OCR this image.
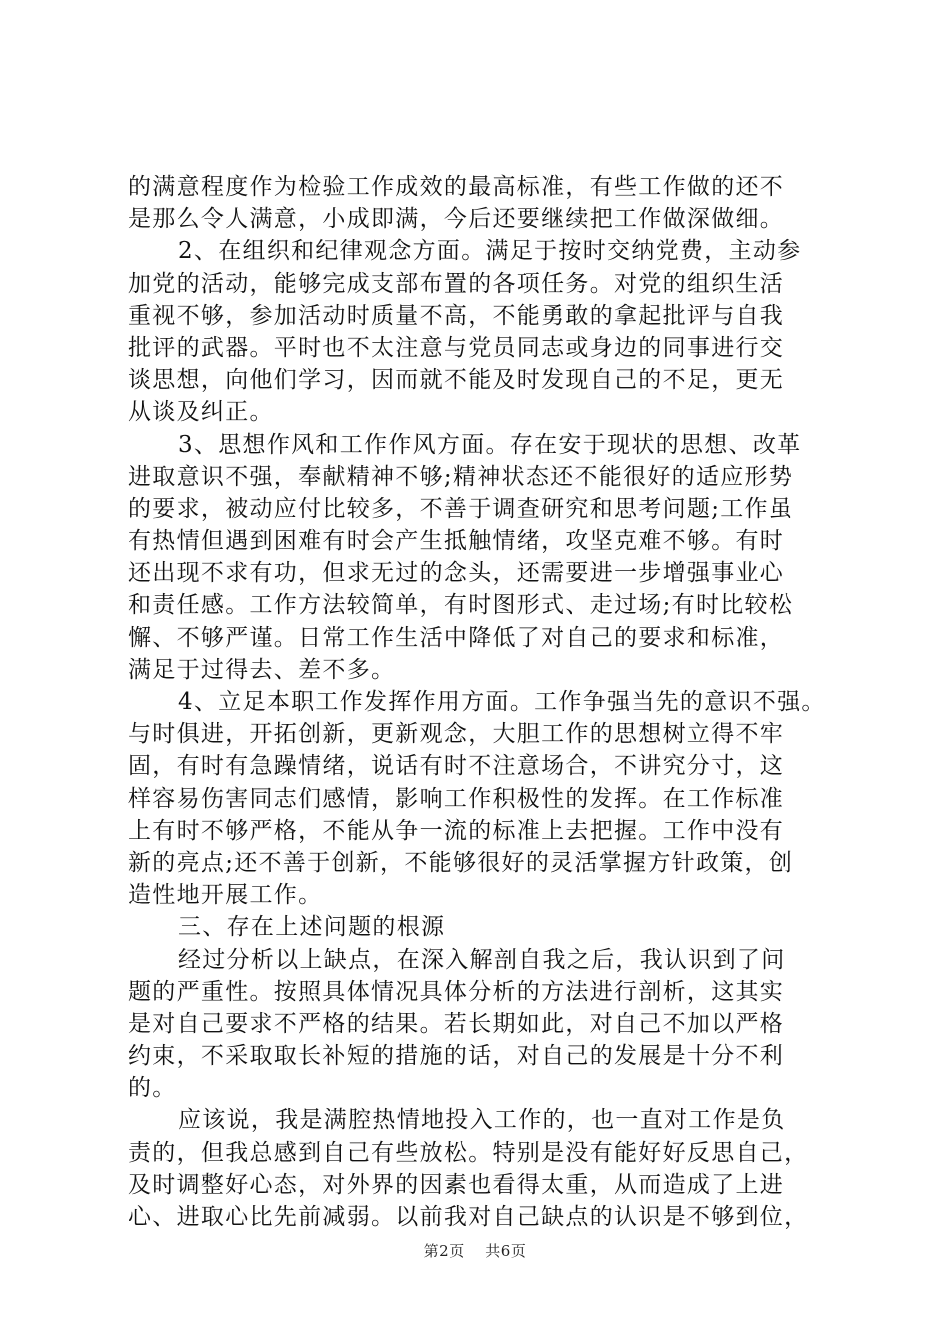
的满意程度作为检验工作成效的最高标准，有些工作做的还不
是那么令人满意，小成即满，今后还要继续把工作做深做细。
2、在组织和纪律观念方面。满足于按时交纳党费，主动参
加党的活动，能够完成支部布置的各项任务。对党的组织生活
重视不够，参加活动时质量不高，不能勇敢的拿起批评与自我
批评的武器。平时也不太注意与党员同志或身边的同事进行交
谈思想，向他们学习，因而就不能及时发现自己的不足，更无
从谈及纠正。
3、思想作风和工作作风方面。存在安于现状的思想、改革
进取意识不强，奉献精神不够;精神状态还不能很好的适应形势
的要求，被动应付比较多，不善于调查研究和思考问题;工作虽
有热情但遇到困难有时会产生抵触情绪，攻坚克难不够。有时
还出现不求有功，但求无过的念头，还需要进一步增强事业心
和责任感。工作方法较简单，有时图形式、走过场;有时比较松
懈、不够严谨。日常工作生活中降低了对自己的要求和标准，
满足于过得去、差不多。
4、立足本职工作发挥作用方面。工作争强当先的意识不强。
与时俱进，开拓创新，更新观念，大胆工作的思想树立得不牢
固，有时有急躁情绪，说话有时不注意场合，不讲究分寸，这
样容易伤害同志们感情，影响工作积极性的发挥。在工作标准
上有时不够严格，不能从争一流的标准上去把握。工作中没有
新的亮点;还不善于创新，不能够很好的灵活掌握方针政策，创
造性地开展工作。
三、存在上述问题的根源
经过分析以上缺点，在深入解剖自我之后，我认识到了问
题的严重性。按照具体情况具体分析的方法进行剖析，这其实
是对自己要求不严格的结果。若长期如此，对自己不加以严格
约束，不采取取长补短的措施的话，对自己的发展是十分不利
的。
应该说，我是满腔热情地投入工作的，也一直对工作是负
责的，但我总感到自己有些放松。特别是没有能好好反思自己，
及时调整好心态，对外界的因素也看得太重，从而造成了上进
心、进取心比先前减弱。以前我对自己缺点的认识是不够到位，
第2页 共6页
